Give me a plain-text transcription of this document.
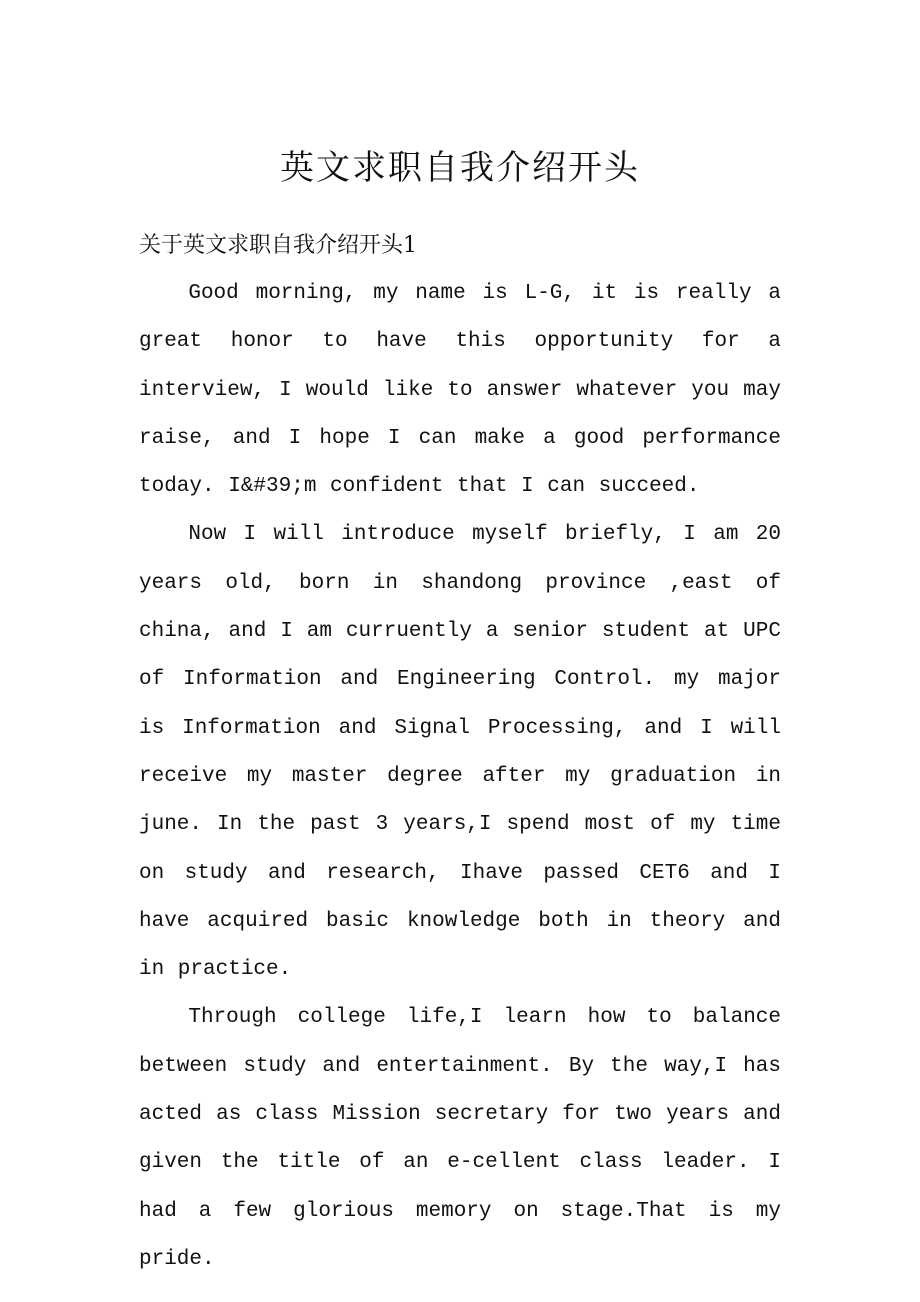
英文求职自我介绍开头
关于英文求职自我介绍开头1

Good morning, my name is L-G, it is really a great honor to have this opportunity for a interview, I would like to answer whatever you may raise, and I hope I can make a good performance today. I&#39;m confident that I can succeed.

Now I will introduce myself briefly, I am 20 years old, born in shandong province ,east of china, and I am curruently a senior student at UPC of Information and Engineering Control. my major is Information and Signal Processing, and I will receive my master degree after my graduation in june. In the past 3 years,I spend most of my time on study and research, Ihave passed CET6 and I have acquired basic knowledge both in theory and in practice.

Through college life,I learn how to balance between study and entertainment. By the way,I has acted as class Mission secretary for two years and given the title of an e-cellent class leader. I had a few glorious memory on stage.That is my pride.
